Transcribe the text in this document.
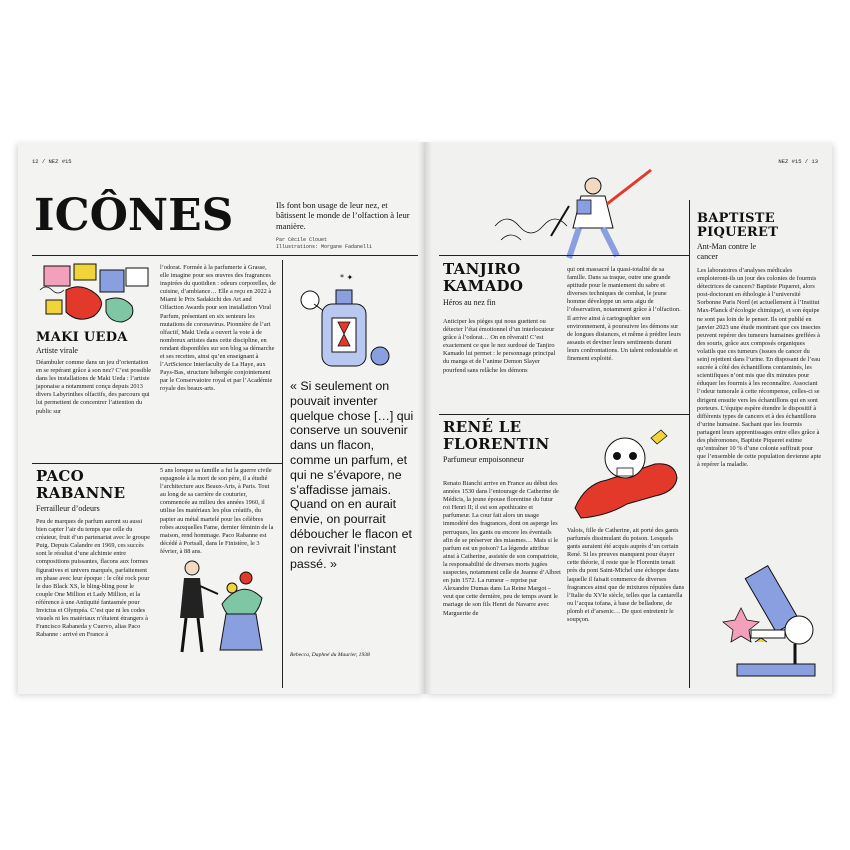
12 / NEZ #15
ICÔNES	Ils font bon usage de leur nez, et bâtissent le monde de l’olfaction à leur manière.
Par Cécile Clouet
Illustrations: Morgane Fadanelli
MAKI UEDA
Artiste virale
Déambuler comme dans un jeu d’orientation en se repérant grâce à son nez? C’est possible dans les installations de Maki Ueda : l’artiste japonaise a notamment conçu depuis 2013 divers Labyrinthes olfactifs, des parcours qui lui permettent de concentrer l’attention du public sur
l’odorat. Formée à la parfumerie à Grasse, elle imagine pour ses œuvres des fragrances inspirées du quotidien : odeurs corporelles, de cuisine, d’ambiance… Elle a reçu en 2022 à Miami le Prix Sadakichi des Art and Olfaction Awards pour son installation Viral Parfum, présentant en six senteurs les mutations de coronavirus. Pionnière de l’art olfactif, Maki Ueda a ouvert la voie à de nombreux artistes dans cette discipline, en rendant disponibles sur son blog sa démarche et ses recettes, ainsi qu’en enseignant à l’ArtScience Interfaculty de La Haye, aux Pays-Bas, structure hébergée conjointement par le Conservatoire royal et par l’Académie royale des beaux-arts.
* ✦
PACO RABANNE
Ferrailleur d’odeurs
Peu de marques de parfum auront su aussi bien capter l’air du temps que celle du créateur, fruit d’un partenariat avec le groupe Puig. Depuis Calandre en 1969, ces succès sont le résultat d’une alchimie entre compositions puissantes, flacons aux formes figuratives et univers marqués, parfaitement en phase avec leur époque : le côté rock pour le duo Black XS, le bling-bling pour le couple One Million et Lady Million, et la référence à une Antiquité fantasmée pour Invictus et Olympéa. C’est que ni les codes visuels ni les matériaux n’étaient étrangers à Francisco Rabaneda y Cuervo, alias Paco Rabanne : arrivé en France à
5 ans lorsque sa famille a fui la guerre civile espagnole à la mort de son père, il a étudié l’architecture aux Beaux-Arts, à Paris. Tout au long de sa carrière de couturier, commencée au milieu des années 1960, il utilise les matériaux les plus créatifs, du papier au métal martelé pour les célèbres robes auxquelles Fame, dernier féminin de la maison, rend hommage. Paco Rabanne est décédé à Portsall, dans le Finistère, le 3 février, à 88 ans.
« Si seulement on pouvait inventer quelque chose […] qui conserve un souvenir dans un flacon, comme un parfum, et qui ne s’évapore, ne s’affadisse jamais. Quand on en aurait envie, on pourrait déboucher le flacon et on revivrait l’instant passé. »
Rebecca, Daphné du Maurier, 1938
NEZ #15 / 13
TANJIRO KAMADO
Héros au nez fin
Anticiper les pièges qui nous guettent ou détecter l’état émotionnel d’un interlocuteur grâce à l’odorat… On en rêverait! C’est exactement ce que le nez surdoué de Tanjiro Kamado lui permet : le personnage principal du manga et de l’anime Demon Slayer pourfend sans relâche les démons
qui ont massacré la quasi-totalité de sa famille. Dans sa traque, outre une grande aptitude pour le maniement du sabre et diverses techniques de combat, le jeune homme développe un sens aigu de l’observation, notamment grâce à l’olfaction. Il arrive ainsi à cartographier son environnement, à poursuivre les démons sur de longues distances, et même à prédire leurs assauts et deviner leurs sentiments durant leurs confrontations. Un talent redoutable et finement exploité.
RENÉ LE FLORENTIN
Parfumeur empoisonneur
Renato Bianchi arrive en France au début des années 1530 dans l’entourage de Catherine de Médicis, la jeune épouse florentine du futur roi Henri II; il est son apothicaire et parfumeur. La cour fait alors un usage immodéré des fragrances, dont on asperge les perruques, les gants ou encore les éventails afin de se préserver des miasmes… Mais si le parfum est un poison? La légende attribue ainsi à Catherine, assistée de son compatriote, la responsabilité de diverses morts jugées suspectes, notamment celle de Jeanne d’Albret en juin 1572. La rumeur – reprise par Alexandre Dumas dans La Reine Margot – veut que cette dernière, peu de temps avant le mariage de son fils Henri de Navarre avec Marguerite de
Valois, fille de Catherine, ait porté des gants parfumés dissimulant du poison. Lesquels gants auraient été acquis auprès d’un certain René. Si les preuves manquent pour étayer cette théorie, il reste que le Florentin tenait près du pont Saint-Michel une échoppe dans laquelle il faisait commerce de diverses fragrances ainsi que de mixtures réputées dans l’Italie du XVIe siècle, telles que la cantarella ou l’acqua tofana, à base de belladone, de plomb et d’arsenic… De quoi entretenir le soupçon.
BAPTISTE PIQUERET
Ant-Man contre le cancer
Les laboratoires d’analyses médicales emploieront-ils un jour des colonies de fourmis détectrices de cancers? Baptiste Piqueret, alors post-doctorant en éthologie à l’université Sorbonne Paris Nord (et actuellement à l’Institut Max-Planck d’écologie chimique), et son équipe ne sont pas loin de le penser. Ils ont publié en janvier 2023 une étude montrant que ces insectes peuvent repérer des tumeurs humaines greffées à des souris, grâce aux composés organiques volatils que ces tumeurs (issues de cancer du sein) rejettent dans l’urine. En disposant de l’eau sucrée à côté des échantillons contaminés, les scientifiques n’ont mis que dix minutes pour éduquer les fourmis à les reconnaître. Associant l’odeur tumorale à cette récompense, celles-ci se dirigent ensuite vers les échantillons qui en sont porteurs. L’équipe espère étendre le dispositif à différents types de cancers et à des échantillons d’urine humaine. Sachant que les fourmis partagent leurs apprentissages entre elles grâce à des phéromones, Baptiste Piqueret estime qu’entraîner 10 % d’une colonie suffirait pour que l’ensemble de cette population devienne apte à repérer la maladie.
